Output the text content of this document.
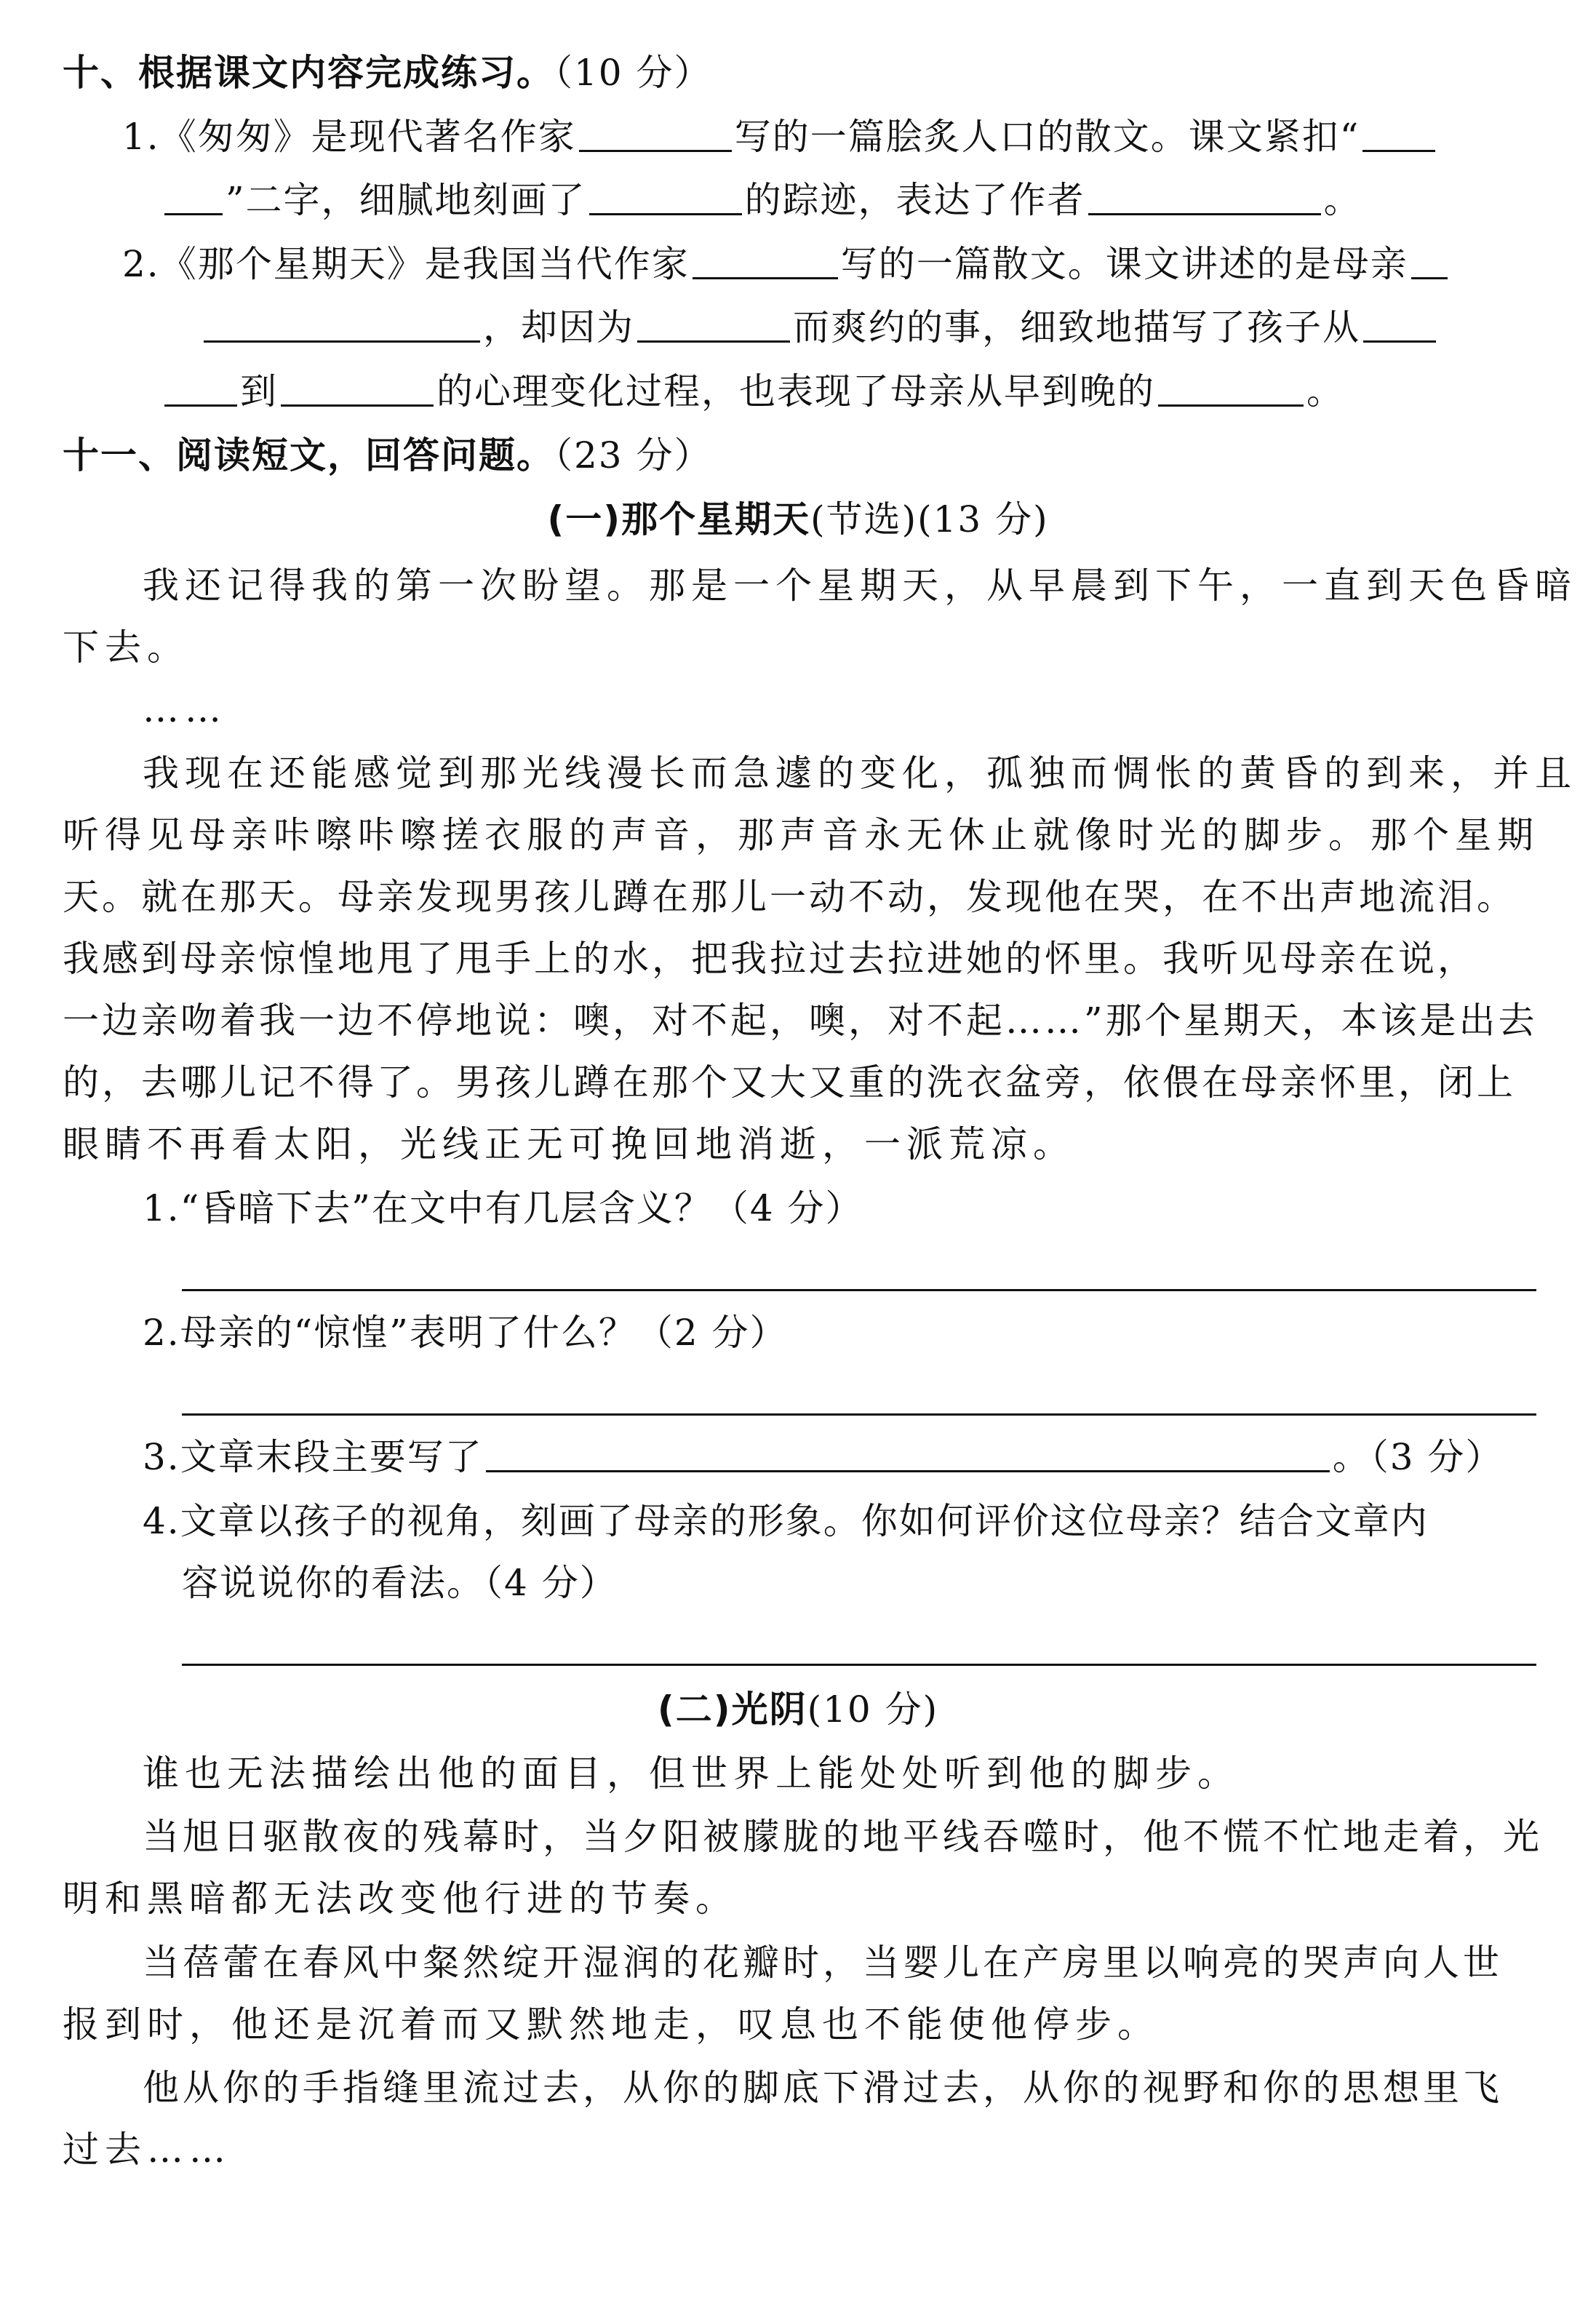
十、根据课文内容完成练习。（10 分）
1.《匆匆》是现代著名作家	写的一篇脍炙人口的散文。课文紧扣“
”二字，细腻地刻画了	的踪迹，表达了作者	。
2.《那个星期天》是我国当代作家	写的一篇散文。课文讲述的是母亲
，却因为	而爽约的事，细致地描写了孩子从
到	的心理变化过程，也表现了母亲从早到晚的	。
十一、阅读短文，回答问题。（23 分）
(一)那个星期天(节选)(13 分)
我还记得我的第一次盼望。那是一个星期天，从早晨到下午，一直到天色昏暗
下去。
……
我现在还能感觉到那光线漫长而急遽的变化，孤独而惆怅的黄昏的到来，并且
听得见母亲咔嚓咔嚓搓衣服的声音，那声音永无休止就像时光的脚步。那个星期
天。就在那天。母亲发现男孩儿蹲在那儿一动不动，发现他在哭，在不出声地流泪。
我感到母亲惊惶地甩了甩手上的水，把我拉过去拉进她的怀里。我听见母亲在说，
一边亲吻着我一边不停地说：噢，对不起，噢，对不起……”那个星期天，本该是出去
的，去哪儿记不得了。男孩儿蹲在那个又大又重的洗衣盆旁，依偎在母亲怀里，闭上
眼睛不再看太阳，光线正无可挽回地消逝，一派荒凉。
1.“昏暗下去”在文中有几层含义？（4 分）
2.母亲的“惊惶”表明了什么？（2 分）
3.文章末段主要写了	。（3 分）
4.文章以孩子的视角，刻画了母亲的形象。你如何评价这位母亲？结合文章内
容说说你的看法。（4 分）
(二)光阴(10 分)
谁也无法描绘出他的面目，但世界上能处处听到他的脚步。
当旭日驱散夜的残幕时，当夕阳被朦胧的地平线吞噬时，他不慌不忙地走着，光
明和黑暗都无法改变他行进的节奏。
当蓓蕾在春风中粲然绽开湿润的花瓣时，当婴儿在产房里以响亮的哭声向人世
报到时，他还是沉着而又默然地走，叹息也不能使他停步。
他从你的手指缝里流过去，从你的脚底下滑过去，从你的视野和你的思想里飞
过去……
